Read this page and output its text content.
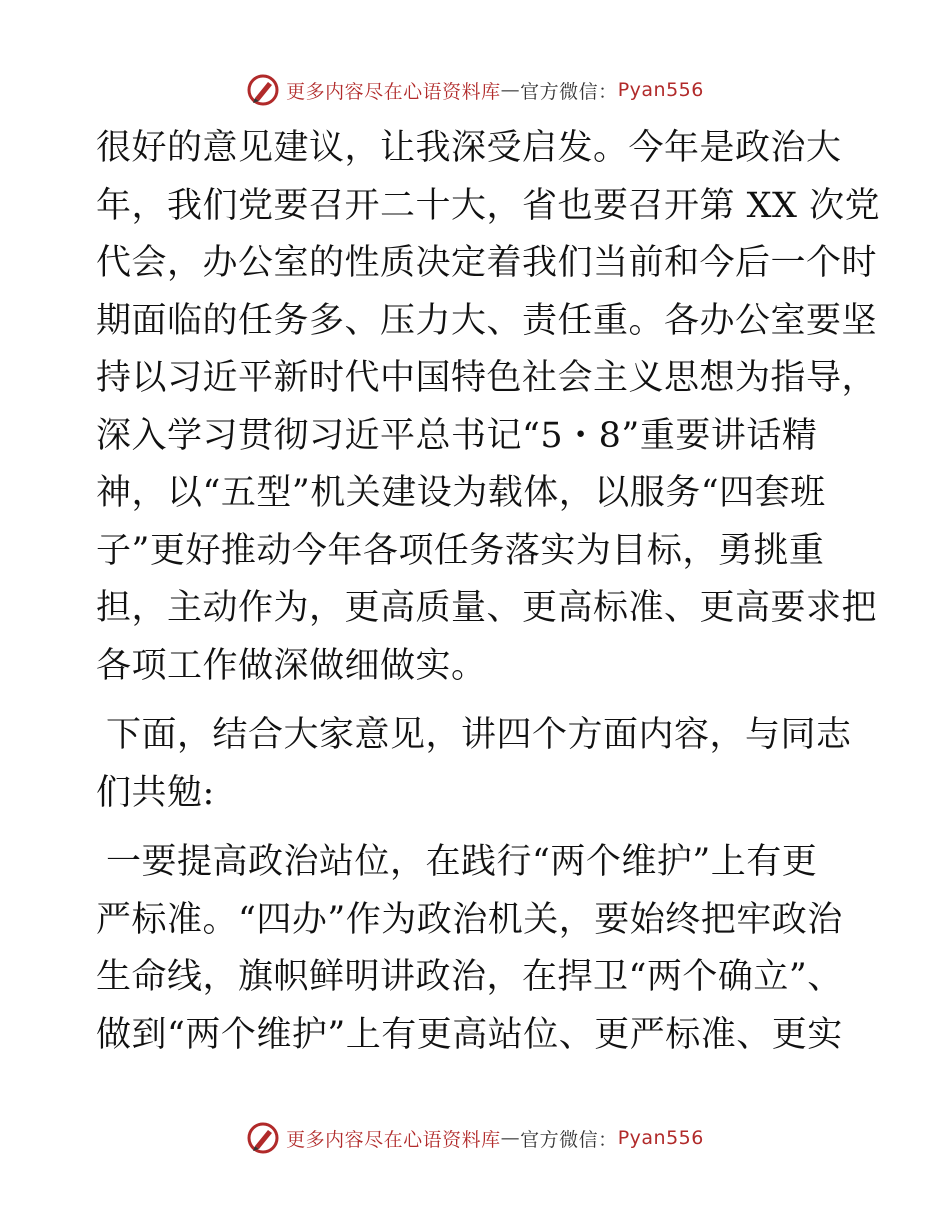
更多内容尽在心语资料库 — 官方微信： Pyan556

很好的意见建议，让我深受启发。今年是政治大
年，我们党要召开二十大，省也要召开第 XX 次党
代会，办公室的性质决定着我们当前和今后一个时
期面临的任务多、压力大、责任重。各办公室要坚
持以习近平新时代中国特色社会主义思想为指导，
深入学习贯彻习近平总书记“5・8”重要讲话精
神，以“五型”机关建设为载体，以服务“四套班
子”更好推动今年各项任务落实为目标，勇挑重
担，主动作为，更高质量、更高标准、更高要求把
各项工作做深做细做实。

下面，结合大家意见，讲四个方面内容，与同志
们共勉:

一要提高政治站位，在践行“两个维护”上有更
严标准。“四办”作为政治机关，要始终把牢政治
生命线，旗帜鲜明讲政治，在捍卫“两个确立”、
做到“两个维护”上有更高站位、更严标准、更实

更多内容尽在心语资料库 — 官方微信： Pyan556
